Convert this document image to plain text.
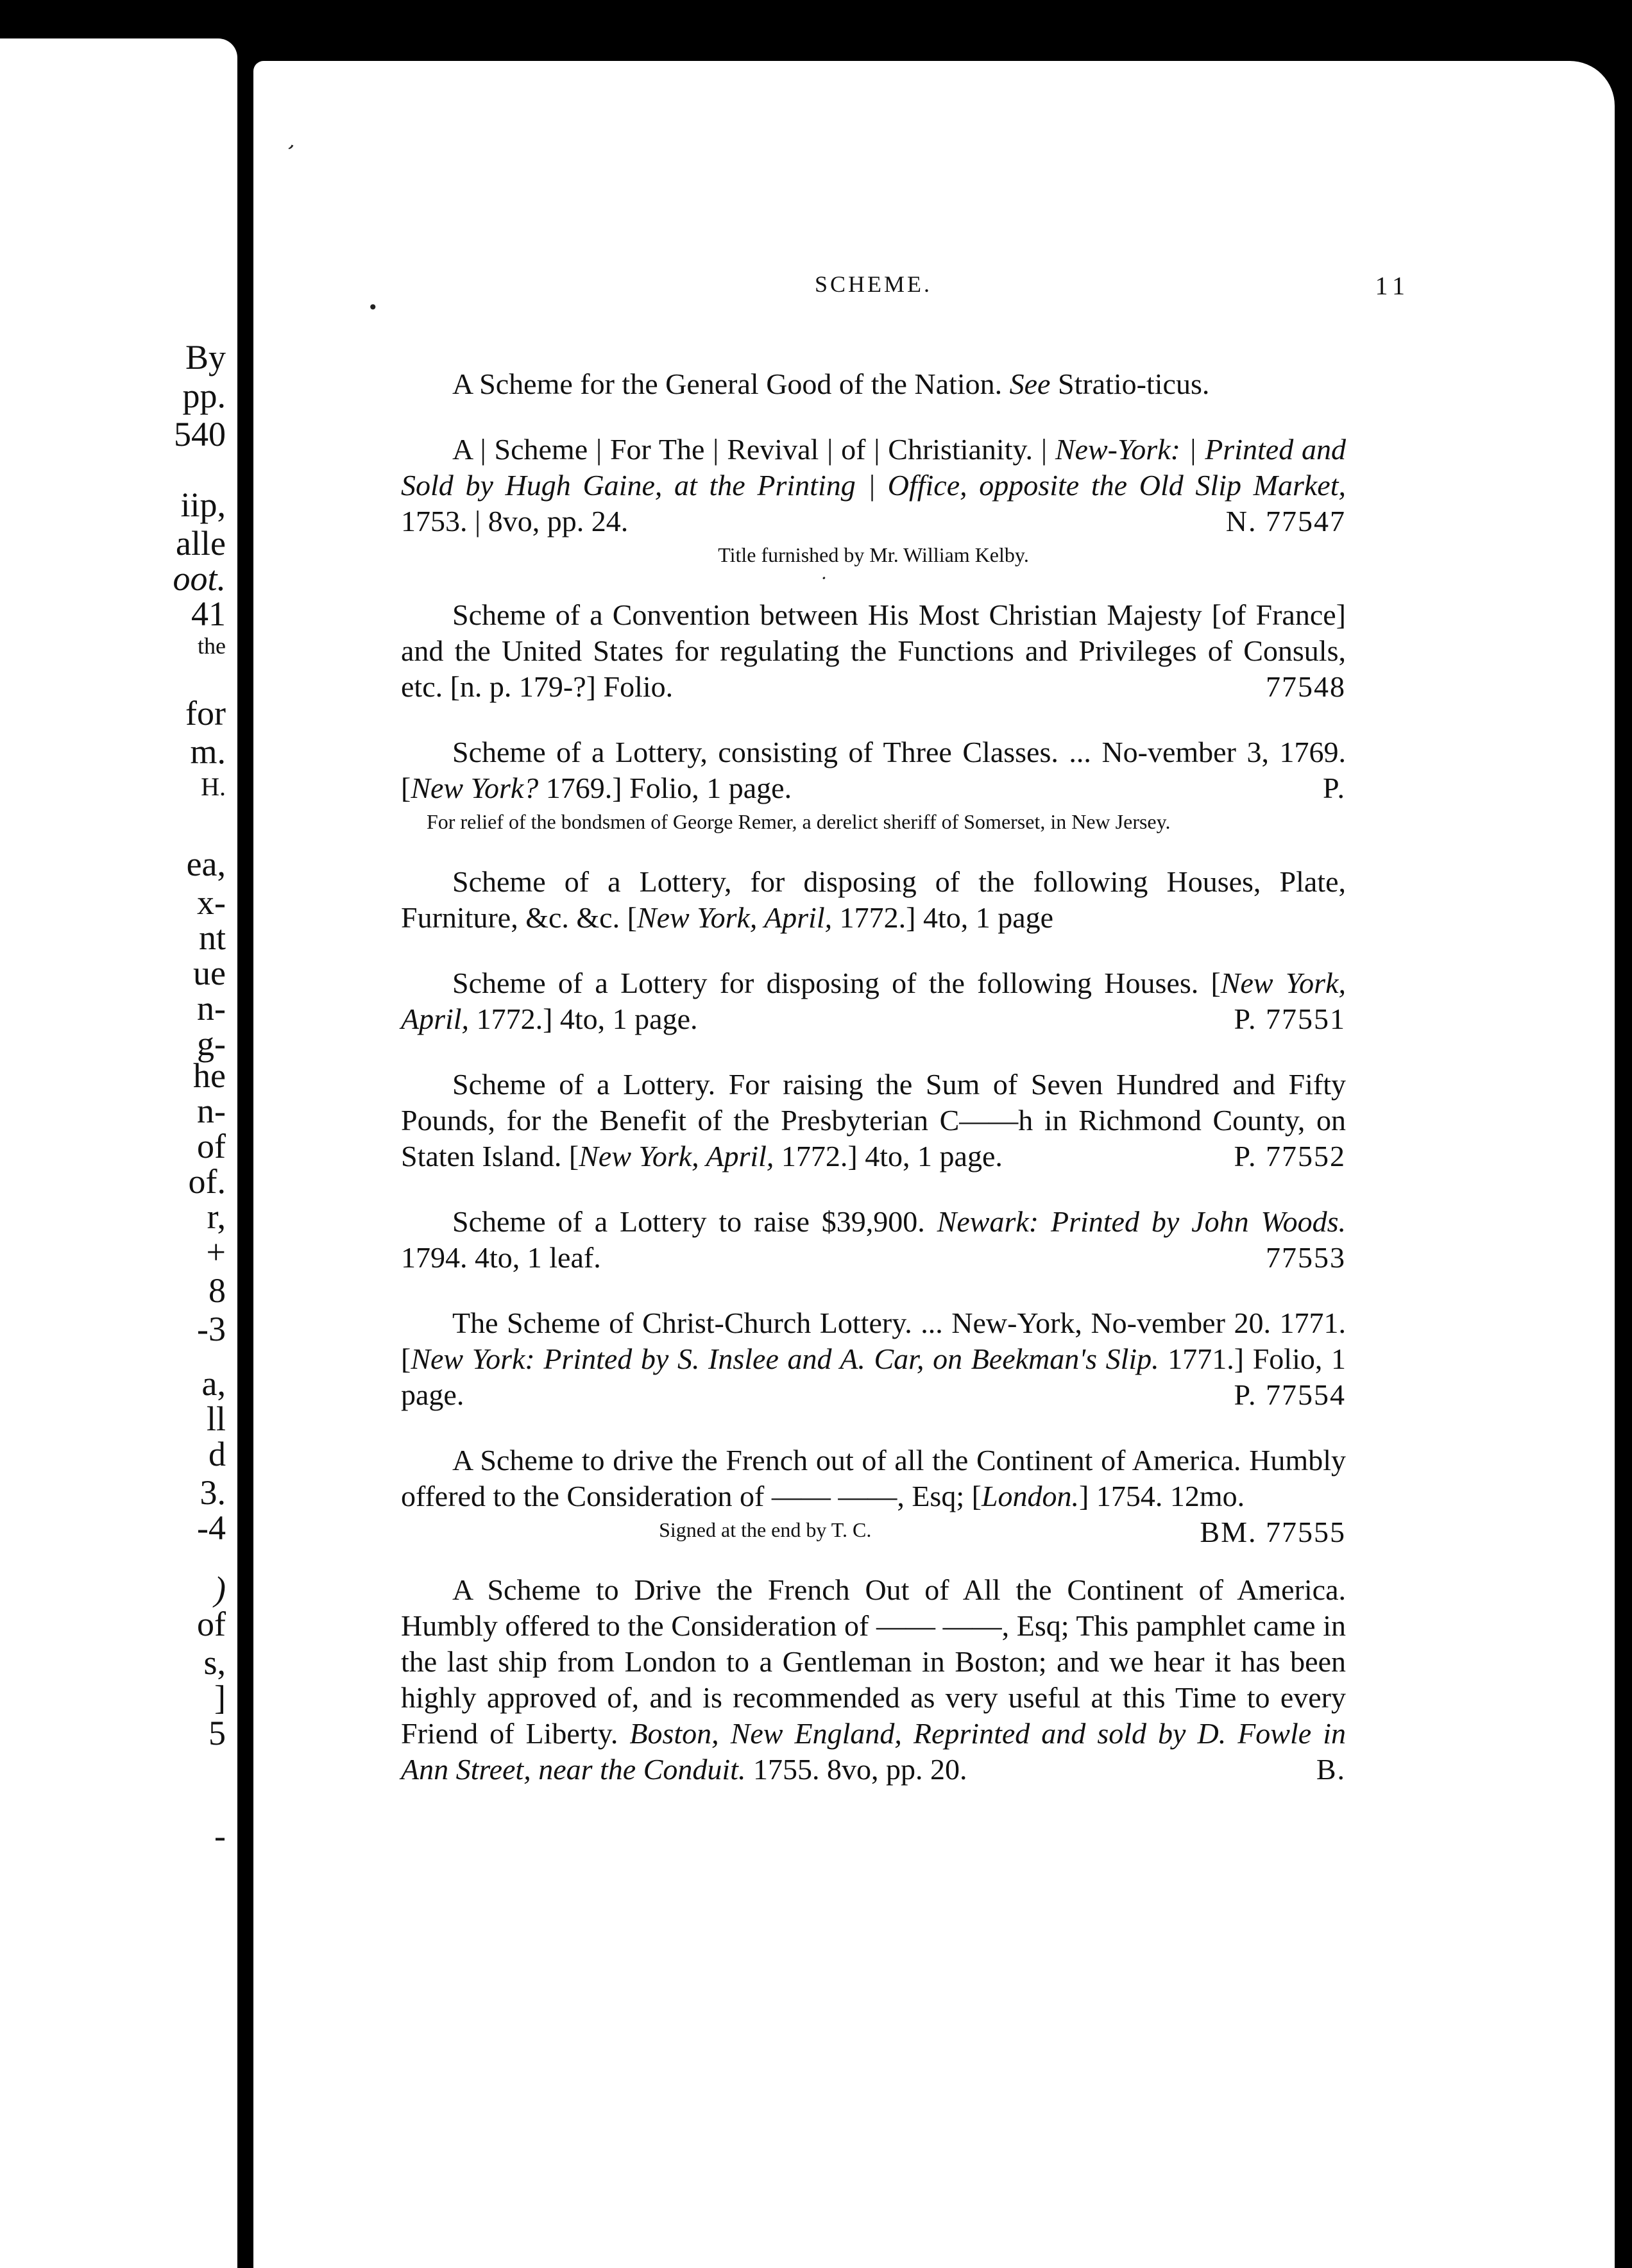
By
pp.
540
iip,
alle
oot.
41
the
for
m.
H.
ea,
x-
nt
ue
n-
g-
he
n-
of
of.
r,
+
8
-3
a,
ll
d
3.
-4
)
of
s,
]
5
-
,
•
·
SCHEME.	11

A Scheme for the General Good of the Nation. See Stratio-ticus.

A | Scheme | For The | Revival | of | Christianity. | New-York: | Printed and Sold by Hugh Gaine, at the Printing | Office, opposite the Old Slip Market, 1753. | 8vo, pp. 24.	N. 77547

Title furnished by Mr. William Kelby.

Scheme of a Convention between His Most Christian Majesty [of France] and the United States for regulating the Functions and Privileges of Consuls, etc. [n. p. 179-?] Folio.	77548

Scheme of a Lottery, consisting of Three Classes. ... No-vember 3, 1769. [New York? 1769.] Folio, 1 page.	P.

For relief of the bondsmen of George Remer, a derelict sheriff of Somerset, in New Jersey.

Scheme of a Lottery, for disposing of the following Houses, Plate, Furniture, &c. &c. [New York, April, 1772.] 4to, 1 page

Scheme of a Lottery for disposing of the following Houses. [New York, April, 1772.] 4to, 1 page.	P. 77551

Scheme of a Lottery. For raising the Sum of Seven Hundred and Fifty Pounds, for the Benefit of the Presbyterian C——h in Richmond County, on Staten Island. [New York, April, 1772.] 4to, 1 page.	P. 77552

Scheme of a Lottery to raise $39,900. Newark: Printed by John Woods. 1794. 4to, 1 leaf.	77553

The Scheme of Christ-Church Lottery. ... New-York, No-vember 20. 1771. [New York: Printed by S. Inslee and A. Car, on Beekman's Slip. 1771.] Folio, 1 page.	P. 77554

A Scheme to drive the French out of all the Continent of America. Humbly offered to the Consideration of —— ——, Esq; [London.] 1754. 12mo.
BM. 77555

Signed at the end by T. C.

A Scheme to Drive the French Out of All the Continent of America. Humbly offered to the Consideration of —— ——, Esq; This pamphlet came in the last ship from London to a Gentleman in Boston; and we hear it has been highly approved of, and is recommended as very useful at this Time to every Friend of Liberty. Boston, New England, Reprinted and sold by D. Fowle in Ann Street, near the Conduit. 1755. 8vo, pp. 20.	B.
